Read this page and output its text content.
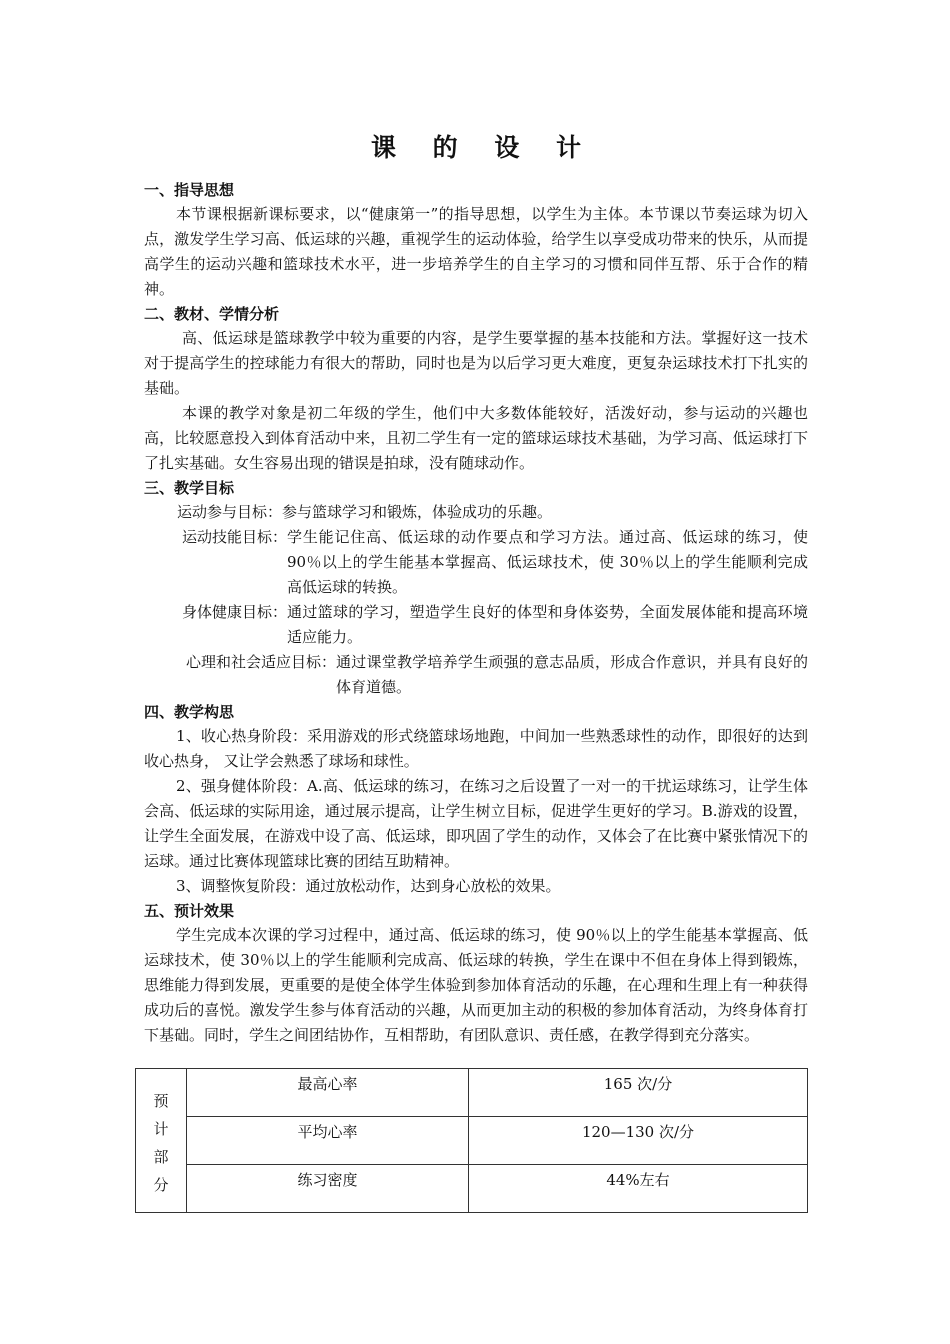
课 的 设 计
一、指导思想

本节课根据新课标要求，以“健康第一”的指导思想，以学生为主体。本节课以节奏运球为切入点，激发学生学习高、低运球的兴趣，重视学生的运动体验，给学生以享受成功带来的快乐，从而提高学生的运动兴趣和篮球技术水平，进一步培养学生的自主学习的习惯和同伴互帮、乐于合作的精神。

二、教材、学情分析

高、低运球是篮球教学中较为重要的内容，是学生要掌握的基本技能和方法。掌握好这一技术对于提高学生的控球能力有很大的帮助，同时也是为以后学习更大难度，更复杂运球技术打下扎实的基础。

本课的教学对象是初二年级的学生，他们中大多数体能较好，活泼好动，参与运动的兴趣也高，比较愿意投入到体育活动中来，且初二学生有一定的篮球运球技术基础，为学习高、低运球打下了扎实基础。女生容易出现的错误是拍球，没有随球动作。

三、教学目标
运动参与目标： 参与篮球学习和锻炼，体验成功的乐趣。
运动技能目标： 学生能记住高、低运球的动作要点和学习方法。通过高、低运球的练习，使 90％以上的学生能基本掌握高、低运球技术，使 30％以上的学生能顺利完成高低运球的转换。
身体健康目标： 通过篮球的学习，塑造学生良好的体型和身体姿势，全面发展体能和提高环境适应能力。
心理和社会适应目标： 通过课堂教学培养学生顽强的意志品质，形成合作意识，并具有良好的体育道德。
四、教学构思

1、收心热身阶段：采用游戏的形式绕篮球场地跑，中间加一些熟悉球性的动作，即很好的达到收心热身， 又让学会熟悉了球场和球性。

2、强身健体阶段：A.高、低运球的练习，在练习之后设置了一对一的干扰运球练习，让学生体会高、低运球的实际用途，通过展示提高，让学生树立目标，促进学生更好的学习。B.游戏的设置，让学生全面发展，在游戏中设了高、低运球，即巩固了学生的动作，又体会了在比赛中紧张情况下的运球。通过比赛体现篮球比赛的团结互助精神。

3、调整恢复阶段：通过放松动作，达到身心放松的效果。

五、预计效果

学生完成本次课的学习过程中，通过高、低运球的练习，使 90％以上的学生能基本掌握高、低运球技术，使 30％以上的学生能顺利完成高、低运球的转换，学生在课中不但在身体上得到锻炼，思维能力得到发展，更重要的是使全体学生体验到参加体育活动的乐趣，在心理和生理上有一种获得成功后的喜悦。激发学生参与体育活动的兴趣，从而更加主动的积极的参加体育活动，为终身体育打下基础。同时，学生之间团结协作，互相帮助，有团队意识、责任感，在教学得到充分落实。

预
计
部
分	最高心率	165 次/分
	平均心率	120—130 次/分
	练习密度	44%左右
